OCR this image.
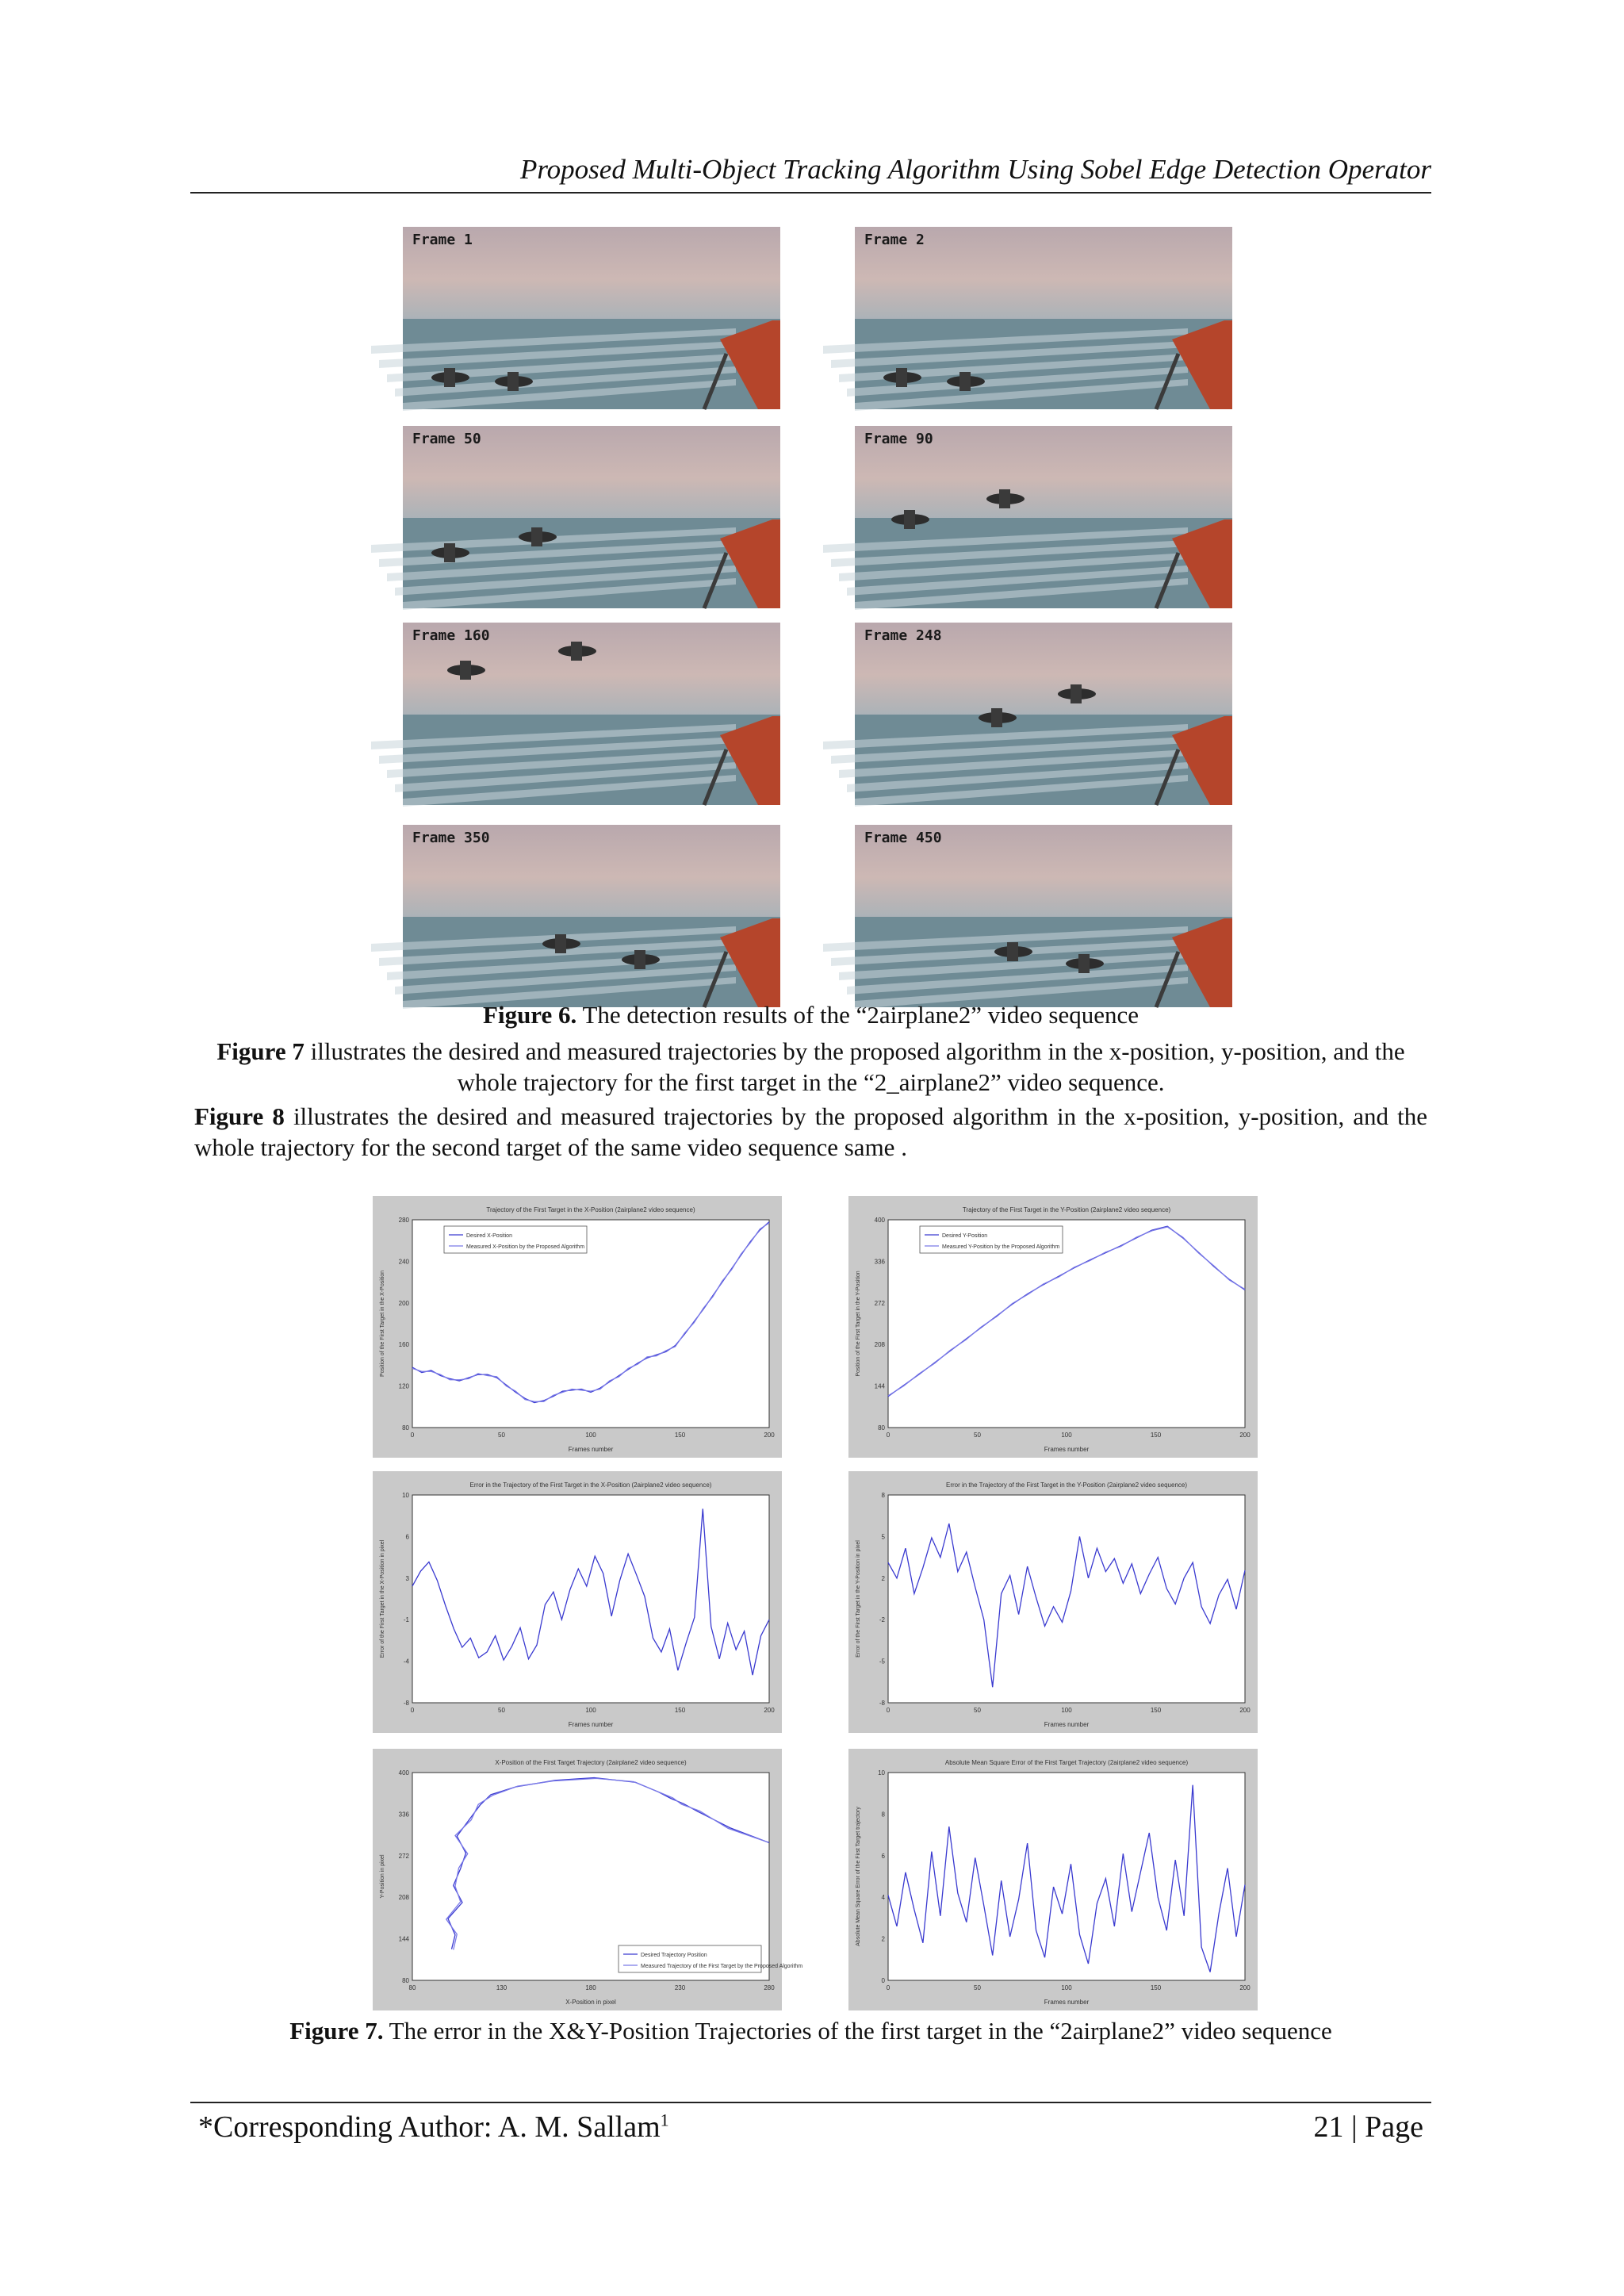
Proposed Multi-Object Tracking Algorithm Using Sobel Edge Detection Operator
Frame 1	Frame 2
Frame 50	Frame 90
Frame 160	Frame 248
Frame 350	Frame 450
Figure 6. The detection results of the “2airplane2” video sequence
Figure 7 illustrates the desired and measured trajectories by the proposed algorithm in the x-position, y-position, and the whole trajectory for the first target in the “2_airplane2” video sequence.
Figure 8 illustrates the desired and measured trajectories by the proposed algorithm in the x-position, y-position, and the whole trajectory for the second target of the same video sequence same .
Trajectory of the First Target in the X-Position (2airplane2 video sequence)
Frames number
Position of the First Target in the X-Position
0	50	100	150	200
80
120
160
200
240
280
Desired X-Position
Measured X-Position by the Proposed Algorithm
Trajectory of the First Target in the Y-Position (2airplane2 video sequence)
Frames number
Position of the First Target in the Y-Position
0	50	100	150	200
80
144
208
272
336
400
Desired Y-Position
Measured Y-Position by the Proposed Algorithm
Error in the Trajectory of the First Target in the X-Position (2airplane2 video sequence)
Frames number
Error of the First Target in the X-Position in pixel
0	50	100	150	200
-8
-4
-1
3
6
10
Error in the Trajectory of the First Target in the Y-Position (2airplane2 video sequence)
Frames number
Error of the First Target in the Y-Position in pixel
0	50	100	150	200
-8
-5
-2
2
5
8
X-Position of the First Target Trajectory (2airplane2 video sequence)
X-Position in pixel
Y-Position in pixel
80	130	180	230	280
80
144
208
272
336
400
Desired Trajectory Position
Measured Trajectory of the First Target by the Proposed Algorithm
Absolute Mean Square Error of the First Target Trajectory (2airplane2 video sequence)
Frames number
Absolute Mean Square Error of the First Target trajectory
0	50	100	150	200
0
2
4
6
8
10
Figure 7. The error in the X&Y-Position Trajectories of the first target in the “2airplane2” video sequence
*Corresponding Author: A. M. Sallam$^1$	21 | Page
